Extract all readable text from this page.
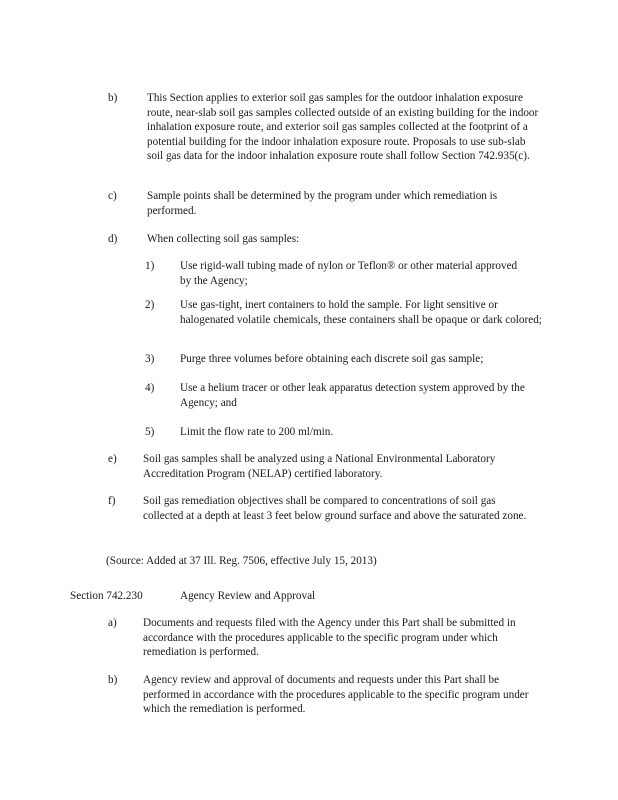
b)	This Section applies to exterior soil gas samples for the outdoor inhalation exposure route, near-slab soil gas samples collected outside of an existing building for the indoor inhalation exposure route, and exterior soil gas samples collected at the footprint of a potential building for the indoor inhalation exposure route. Proposals to use sub-slab soil gas data for the indoor inhalation exposure route shall follow Section 742.935(c).

c)	Sample points shall be determined by the program under which remediation is performed.

d)	When collecting soil gas samples:

1) Use rigid-wall tubing made of nylon or Teflon® or other material approved by the Agency;

2) Use gas-tight, inert containers to hold the sample. For light sensitive or halogenated volatile chemicals, these containers shall be opaque or dark colored;

3) Purge three volumes before obtaining each discrete soil gas sample;

4) Use a helium tracer or other leak apparatus detection system approved by the Agency; and

5) Limit the flow rate to 200 ml/min.

e) Soil gas samples shall be analyzed using a National Environmental Laboratory Accreditation Program (NELAP) certified laboratory.

f) Soil gas remediation objectives shall be compared to concentrations of soil gas collected at a depth at least 3 feet below ground surface and above the saturated zone.

(Source: Added at 37 Ill. Reg. 7506, effective July 15, 2013)
Section 742.230	Agency Review and Approval
a) Documents and requests filed with the Agency under this Part shall be submitted in accordance with the procedures applicable to the specific program under which remediation is performed.

b) Agency review and approval of documents and requests under this Part shall be performed in accordance with the procedures applicable to the specific program under which the remediation is performed.
